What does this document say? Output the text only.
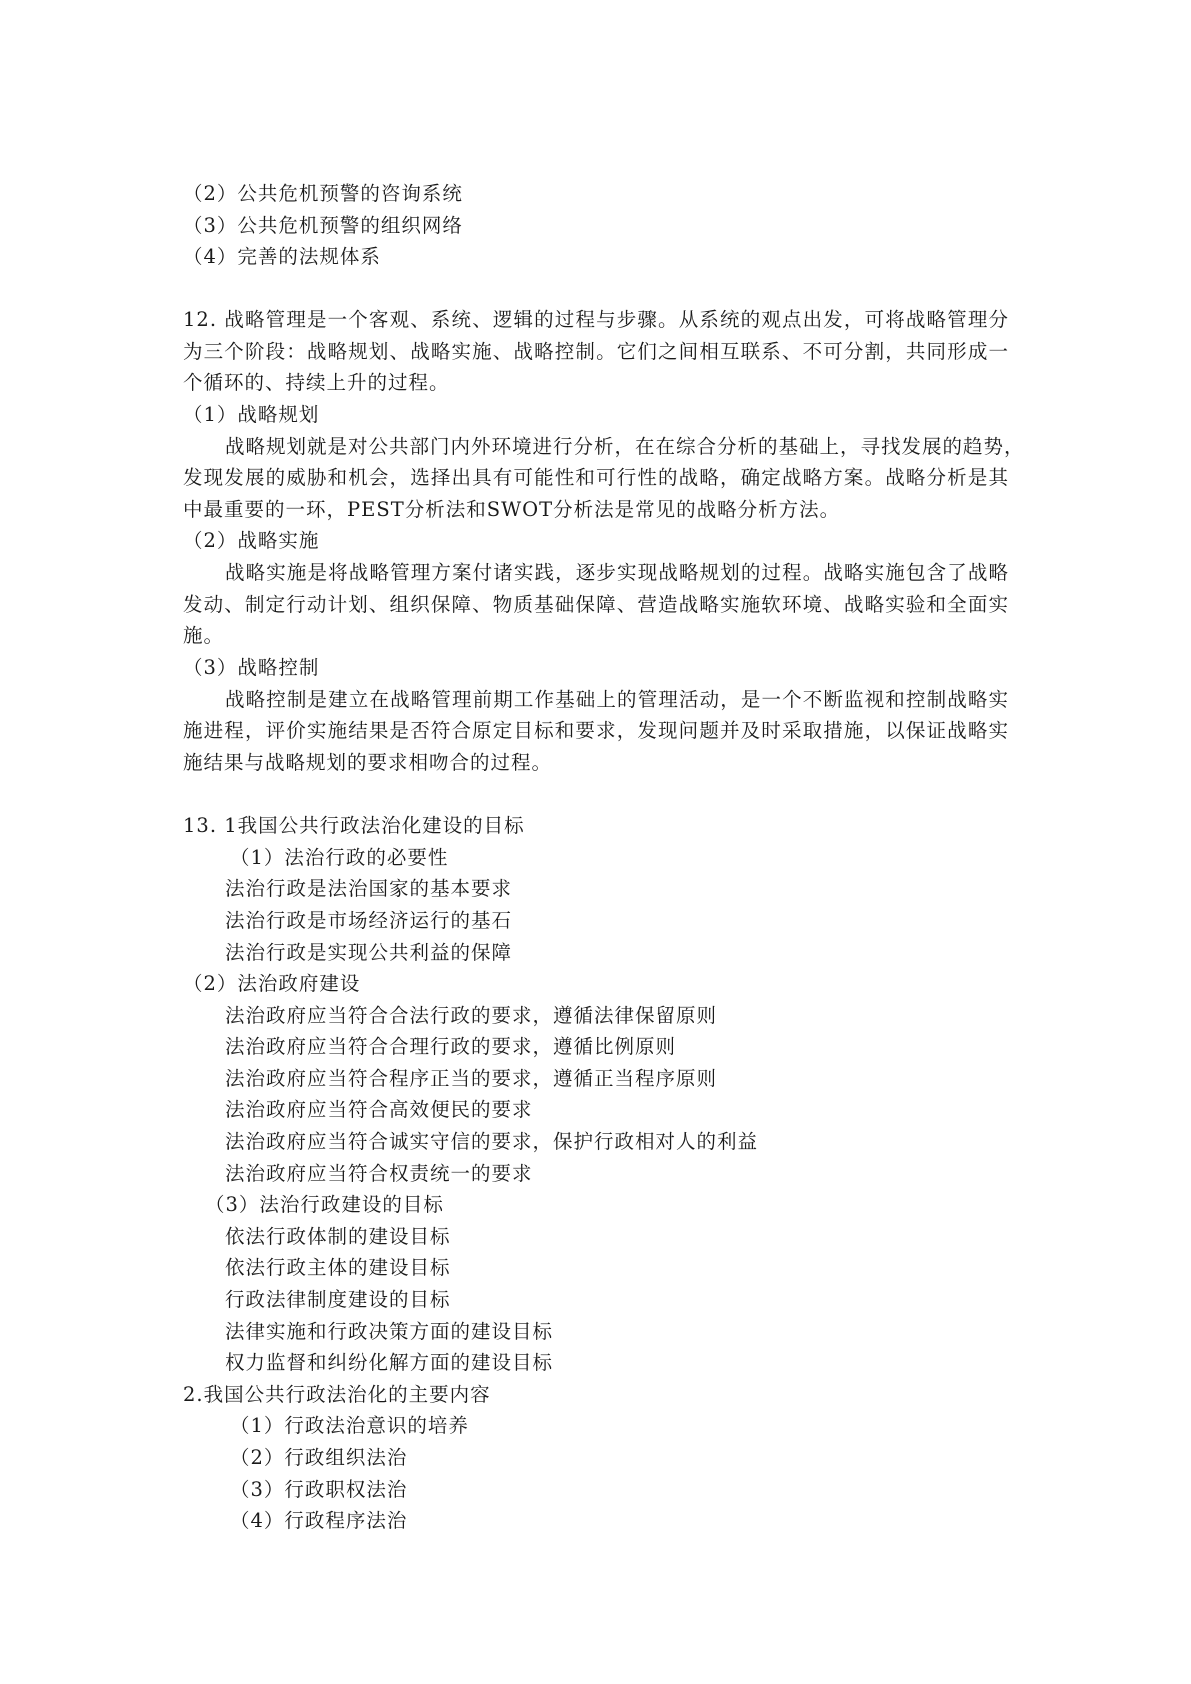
（2）公共危机预警的咨询系统
（3）公共危机预警的组织网络
（4）完善的法规体系
12. 战略管理是一个客观、系统、逻辑的过程与步骤。从系统的观点出发，可将战略管理分
为三个阶段：战略规划、战略实施、战略控制。它们之间相互联系、不可分割，共同形成一
个循环的、持续上升的过程。
（1）战略规划
战略规划就是对公共部门内外环境进行分析，在在综合分析的基础上，寻找发展的趋势，
发现发展的威胁和机会，选择出具有可能性和可行性的战略，确定战略方案。战略分析是其
中最重要的一环，PEST分析法和SWOT分析法是常见的战略分析方法。
（2）战略实施
战略实施是将战略管理方案付诸实践，逐步实现战略规划的过程。战略实施包含了战略
发动、制定行动计划、组织保障、物质基础保障、营造战略实施软环境、战略实验和全面实
施。
（3）战略控制
战略控制是建立在战略管理前期工作基础上的管理活动，是一个不断监视和控制战略实
施进程，评价实施结果是否符合原定目标和要求，发现问题并及时采取措施，以保证战略实
施结果与战略规划的要求相吻合的过程。
13. 1我国公共行政法治化建设的目标
（1）法治行政的必要性
法治行政是法治国家的基本要求
法治行政是市场经济运行的基石
法治行政是实现公共利益的保障
（2）法治政府建设
法治政府应当符合合法行政的要求，遵循法律保留原则
法治政府应当符合合理行政的要求，遵循比例原则
法治政府应当符合程序正当的要求，遵循正当程序原则
法治政府应当符合高效便民的要求
法治政府应当符合诚实守信的要求，保护行政相对人的利益
法治政府应当符合权责统一的要求
（3）法治行政建设的目标
依法行政体制的建设目标
依法行政主体的建设目标
行政法律制度建设的目标
法律实施和行政决策方面的建设目标
权力监督和纠纷化解方面的建设目标
2.我国公共行政法治化的主要内容
（1）行政法治意识的培养
（2）行政组织法治
（3）行政职权法治
（4）行政程序法治
